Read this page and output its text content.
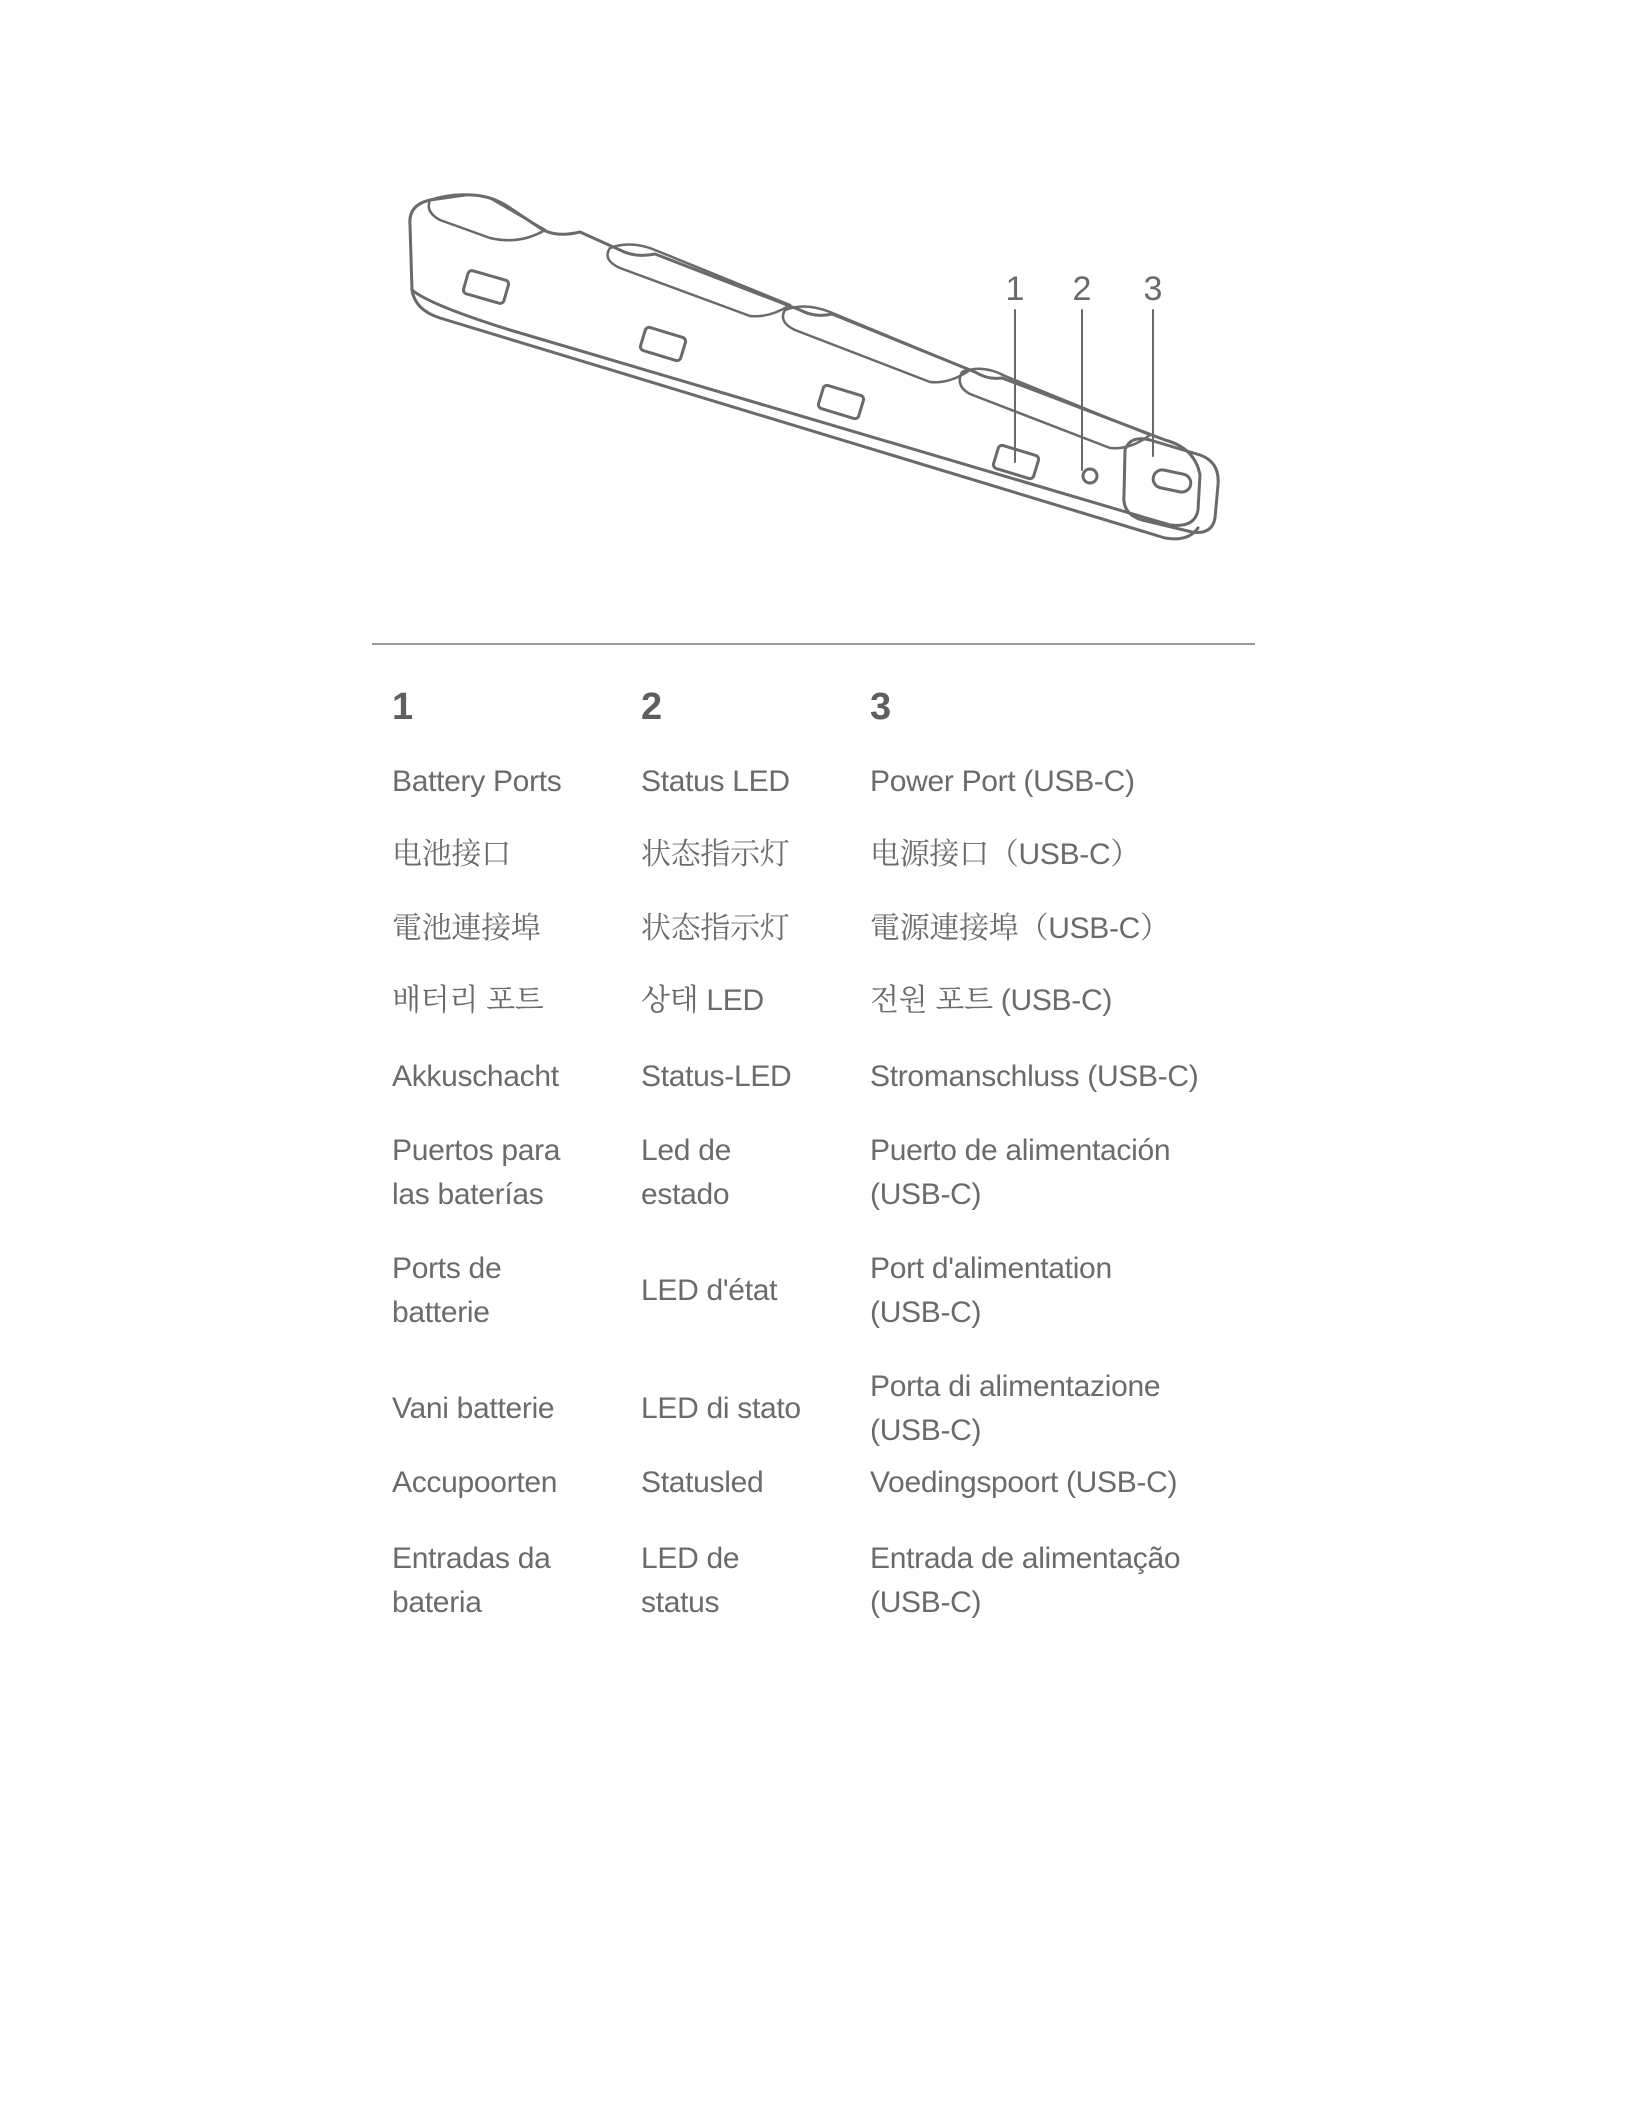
1 2 3
1
Battery Ports
电池接口
電池連接埠
배터리 포트
Akkuschacht
Puertos para
las baterías
Ports de
batterie
Vani batterie
Accupoorten
Entradas da
bateria
2
Status LED
状态指示灯
状态指示灯
상태 LED
Status-LED
Led de
estado
LED d'état
LED di stato
Statusled
LED de
status
3
Power Port (USB-C)
电源接口（USB-C）
電源連接埠（USB-C）
전원 포트 (USB-C)
Stromanschluss (USB-C)
Puerto de alimentación
(USB-C)
Port d'alimentation
(USB-C)
Porta di alimentazione
(USB-C)
Voedingspoort (USB-C)
Entrada de alimentação
(USB-C)
